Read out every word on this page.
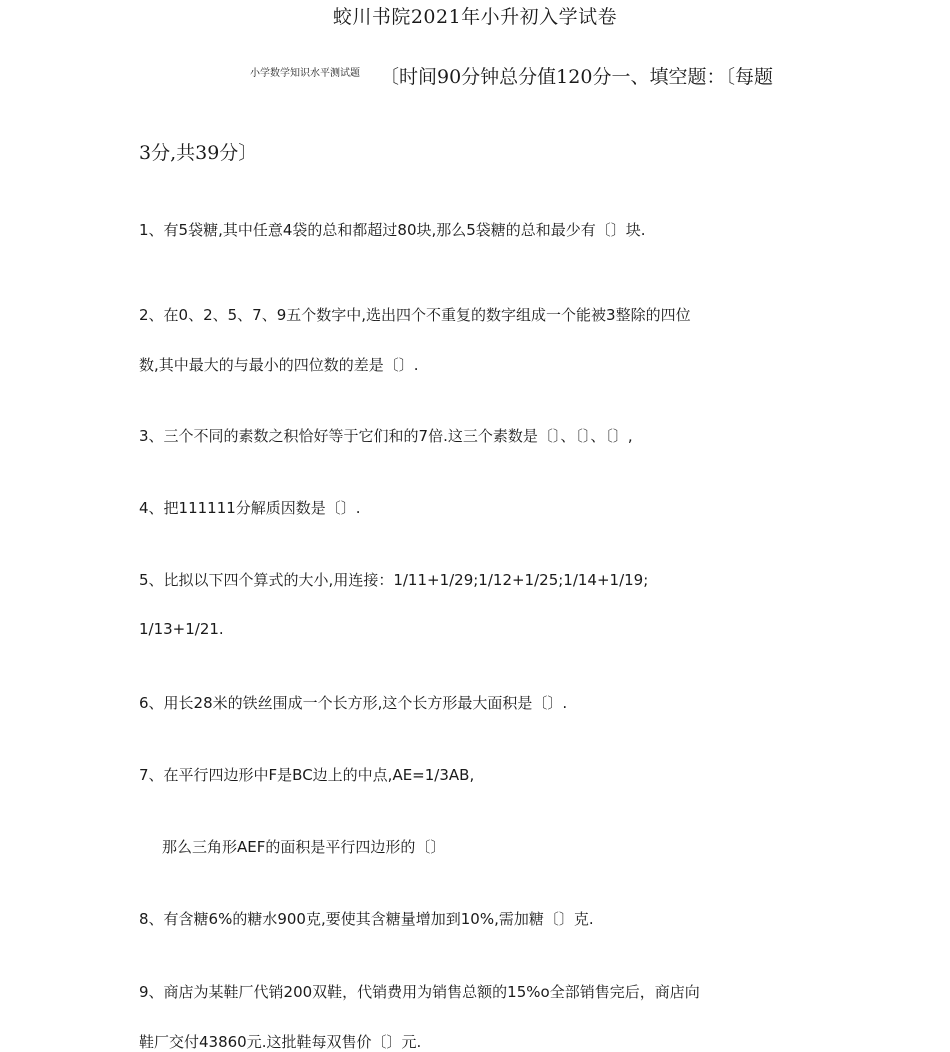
蛟川书院2021年小升初入学试卷
小学数学知识水平测试题 〔时间90分钟总分值120分一、填空题：〔每题
3分,共39分〕
1、有5袋糖,其中任意4袋的总和都超过80块,那么5袋糖的总和最少有〔〕块.
2、在0、2、5、7、9五个数字中,选出四个不重复的数字组成一个能被3整除的四位
数,其中最大的与最小的四位数的差是〔〕.
3、三个不同的素数之积恰好等于它们和的7倍.这三个素数是〔〕、〔〕、〔〕,
4、把111111分解质因数是〔〕.
5、比拟以下四个算式的大小,用连接：1/11+1/29;1/12+1/25;1/14+1/19;
1/13+1/21.
6、用长28米的铁丝围成一个长方形,这个长方形最大面积是〔〕.
7、在平行四边形中F是BC边上的中点,AE=1/3AB,
那么三角形AEF的面积是平行四边形的〔〕
8、有含糖6%的糖水900克,要使其含糖量增加到10%,需加糖〔〕克.
9、商店为某鞋厂代销200双鞋，代销费用为销售总额的15%o全部销售完后，商店向
鞋厂交付43860元.这批鞋每双售价〔〕元.
